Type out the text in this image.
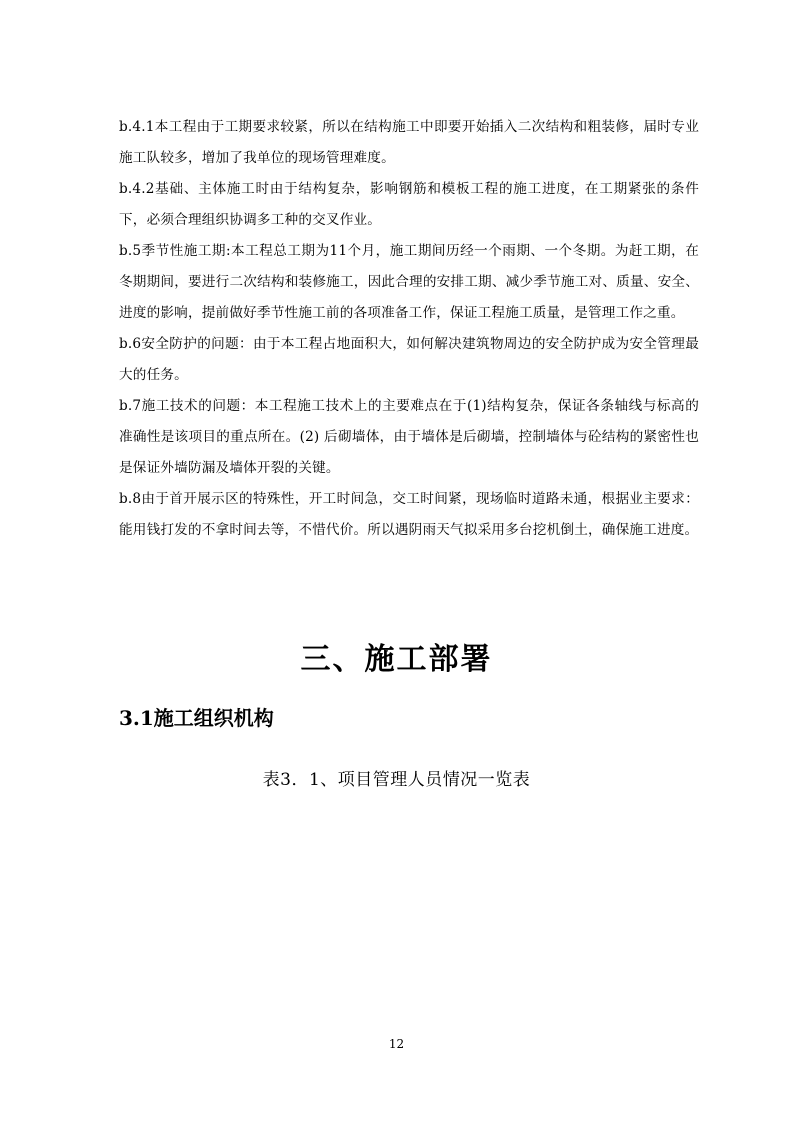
b.4.1本工程由于工期要求较紧，所以在结构施工中即要开始插入二次结构和粗装修，届时专业施工队较多，增加了我单位的现场管理难度。

b.4.2基础、主体施工时由于结构复杂，影响钢筋和模板工程的施工进度，在工期紧张的条件下，必须合理组织协调多工种的交叉作业。

b.5季节性施工期:本工程总工期为11个月，施工期间历经一个雨期、一个冬期。为赶工期，在冬期期间，要进行二次结构和装修施工，因此合理的安排工期、减少季节施工对、质量、安全、进度的影响，提前做好季节性施工前的各项准备工作，保证工程施工质量，是管理工作之重。

b.6安全防护的问题：由于本工程占地面积大，如何解决建筑物周边的安全防护成为安全管理最大的任务。

b.7施工技术的问题：本工程施工技术上的主要难点在于(1)结构复杂，保证各条轴线与标高的准确性是该项目的重点所在。(2) 后砌墙体，由于墙体是后砌墙，控制墙体与砼结构的紧密性也是保证外墙防漏及墙体开裂的关键。

b.8由于首开展示区的特殊性，开工时间急，交工时间紧，现场临时道路未通，根据业主要求：能用钱打发的不拿时间去等，不惜代价。所以遇阴雨天气拟采用多台挖机倒土，确保施工进度。

三、施工部署
3.1施工组织机构
表3．1、项目管理人员情况一览表
12
